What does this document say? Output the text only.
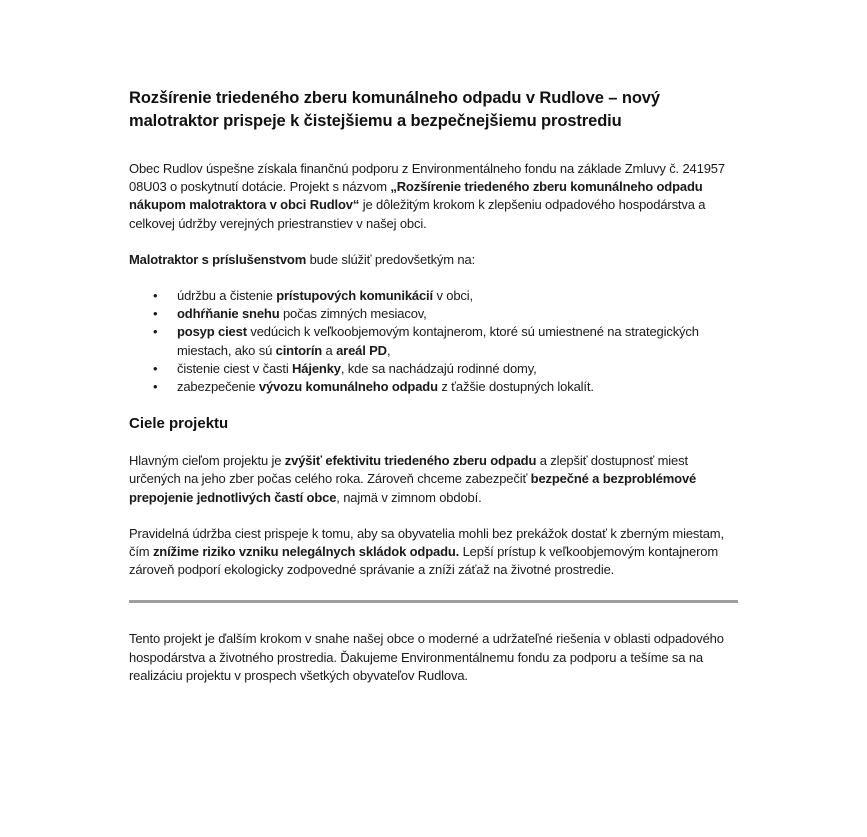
Rozšírenie triedeného zberu komunálneho odpadu v Rudlove – nový malotraktor prispeje k čistejšiemu a bezpečnejšiemu prostrediu

Obec Rudlov úspešne získala finančnú podporu z Environmentálneho fondu na základe Zmluvy č. 241957 08U03 o poskytnutí dotácie. Projekt s názvom „Rozšírenie triedeného zberu komunálneho odpadu nákupom malotraktora v obci Rudlov“ je dôležitým krokom k zlepšeniu odpadového hospodárstva a celkovej údržby verejných priestranstiev v našej obci.

Malotraktor s príslušenstvom bude slúžiť predovšetkým na:

• údržbu a čistenie prístupových komunikácií v obci,
• odhŕňanie snehu počas zimných mesiacov,
• posyp ciest vedúcich k veľkoobjemovým kontajnerom, ktoré sú umiestnené na strategických miestach, ako sú cintorín a areál PD,
• čistenie ciest v časti Hájenky, kde sa nachádzajú rodinné domy,
• zabezpečenie vývozu komunálneho odpadu z ťažšie dostupných lokalít.
Ciele projektu

Hlavným cieľom projektu je zvýšiť efektivitu triedeného zberu odpadu a zlepšiť dostupnosť miest určených na jeho zber počas celého roka. Zároveň chceme zabezpečiť bezpečné a bezproblémové prepojenie jednotlivých častí obce, najmä v zimnom období.

Pravidelná údržba ciest prispeje k tomu, aby sa obyvatelia mohli bez prekážok dostať k zberným miestam, čím znížime riziko vzniku nelegálnych skládok odpadu. Lepší prístup k veľkoobjemovým kontajnerom zároveň podporí ekologicky zodpovedné správanie a zníži záťaž na životné prostredie.

Tento projekt je ďalším krokom v snahe našej obce o moderné a udržateľné riešenia v oblasti odpadového hospodárstva a životného prostredia. Ďakujeme Environmentálnemu fondu za podporu a tešíme sa na realizáciu projektu v prospech všetkých obyvateľov Rudlova.
